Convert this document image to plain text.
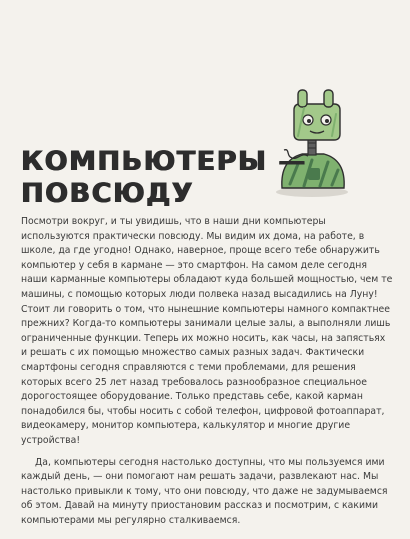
КОМПЬЮТЕРЫ —
ПОВСЮДУ

Посмотри вокруг, и ты увидишь, что в наши дни компьютеры используются практически повсюду. Мы видим их дома, на работе, в школе, да где угодно! Однако, наверное, проще всего тебе обнаружить компьютер у себя в кармане — это смартфон. На самом деле сегодня наши карманные компьютеры обладают куда большей мощностью, чем те машины, с помощью которых люди полвека назад высадились на Луну! Стоит ли говорить о том, что нынешние компьютеры намного компактнее прежних? Когда-то компьютеры занимали целые залы, а выполняли лишь ограниченные функции. Теперь их можно носить, как часы, на запястьях и решать с их помощью множество самых разных задач. Фактически смартфоны сегодня справляются с теми проблемами, для решения которых всего 25 лет назад требовалось разнообразное специальное дорогостоящее оборудование. Только представь себе, какой карман понадобился бы, чтобы носить с собой телефон, цифровой фотоаппарат, видеокамеру, монитор компьютера, калькулятор и многие другие устройства!

Да, компьютеры сегодня настолько доступны, что мы пользуемся ими каждый день, — они помогают нам решать задачи, развлекают нас. Мы настолько привыкли к тому, что они повсюду, что даже не задумываемся об этом. Давай на минуту приостановим рассказ и посмотрим, с какими компьютерами мы регулярно сталкиваемся.
